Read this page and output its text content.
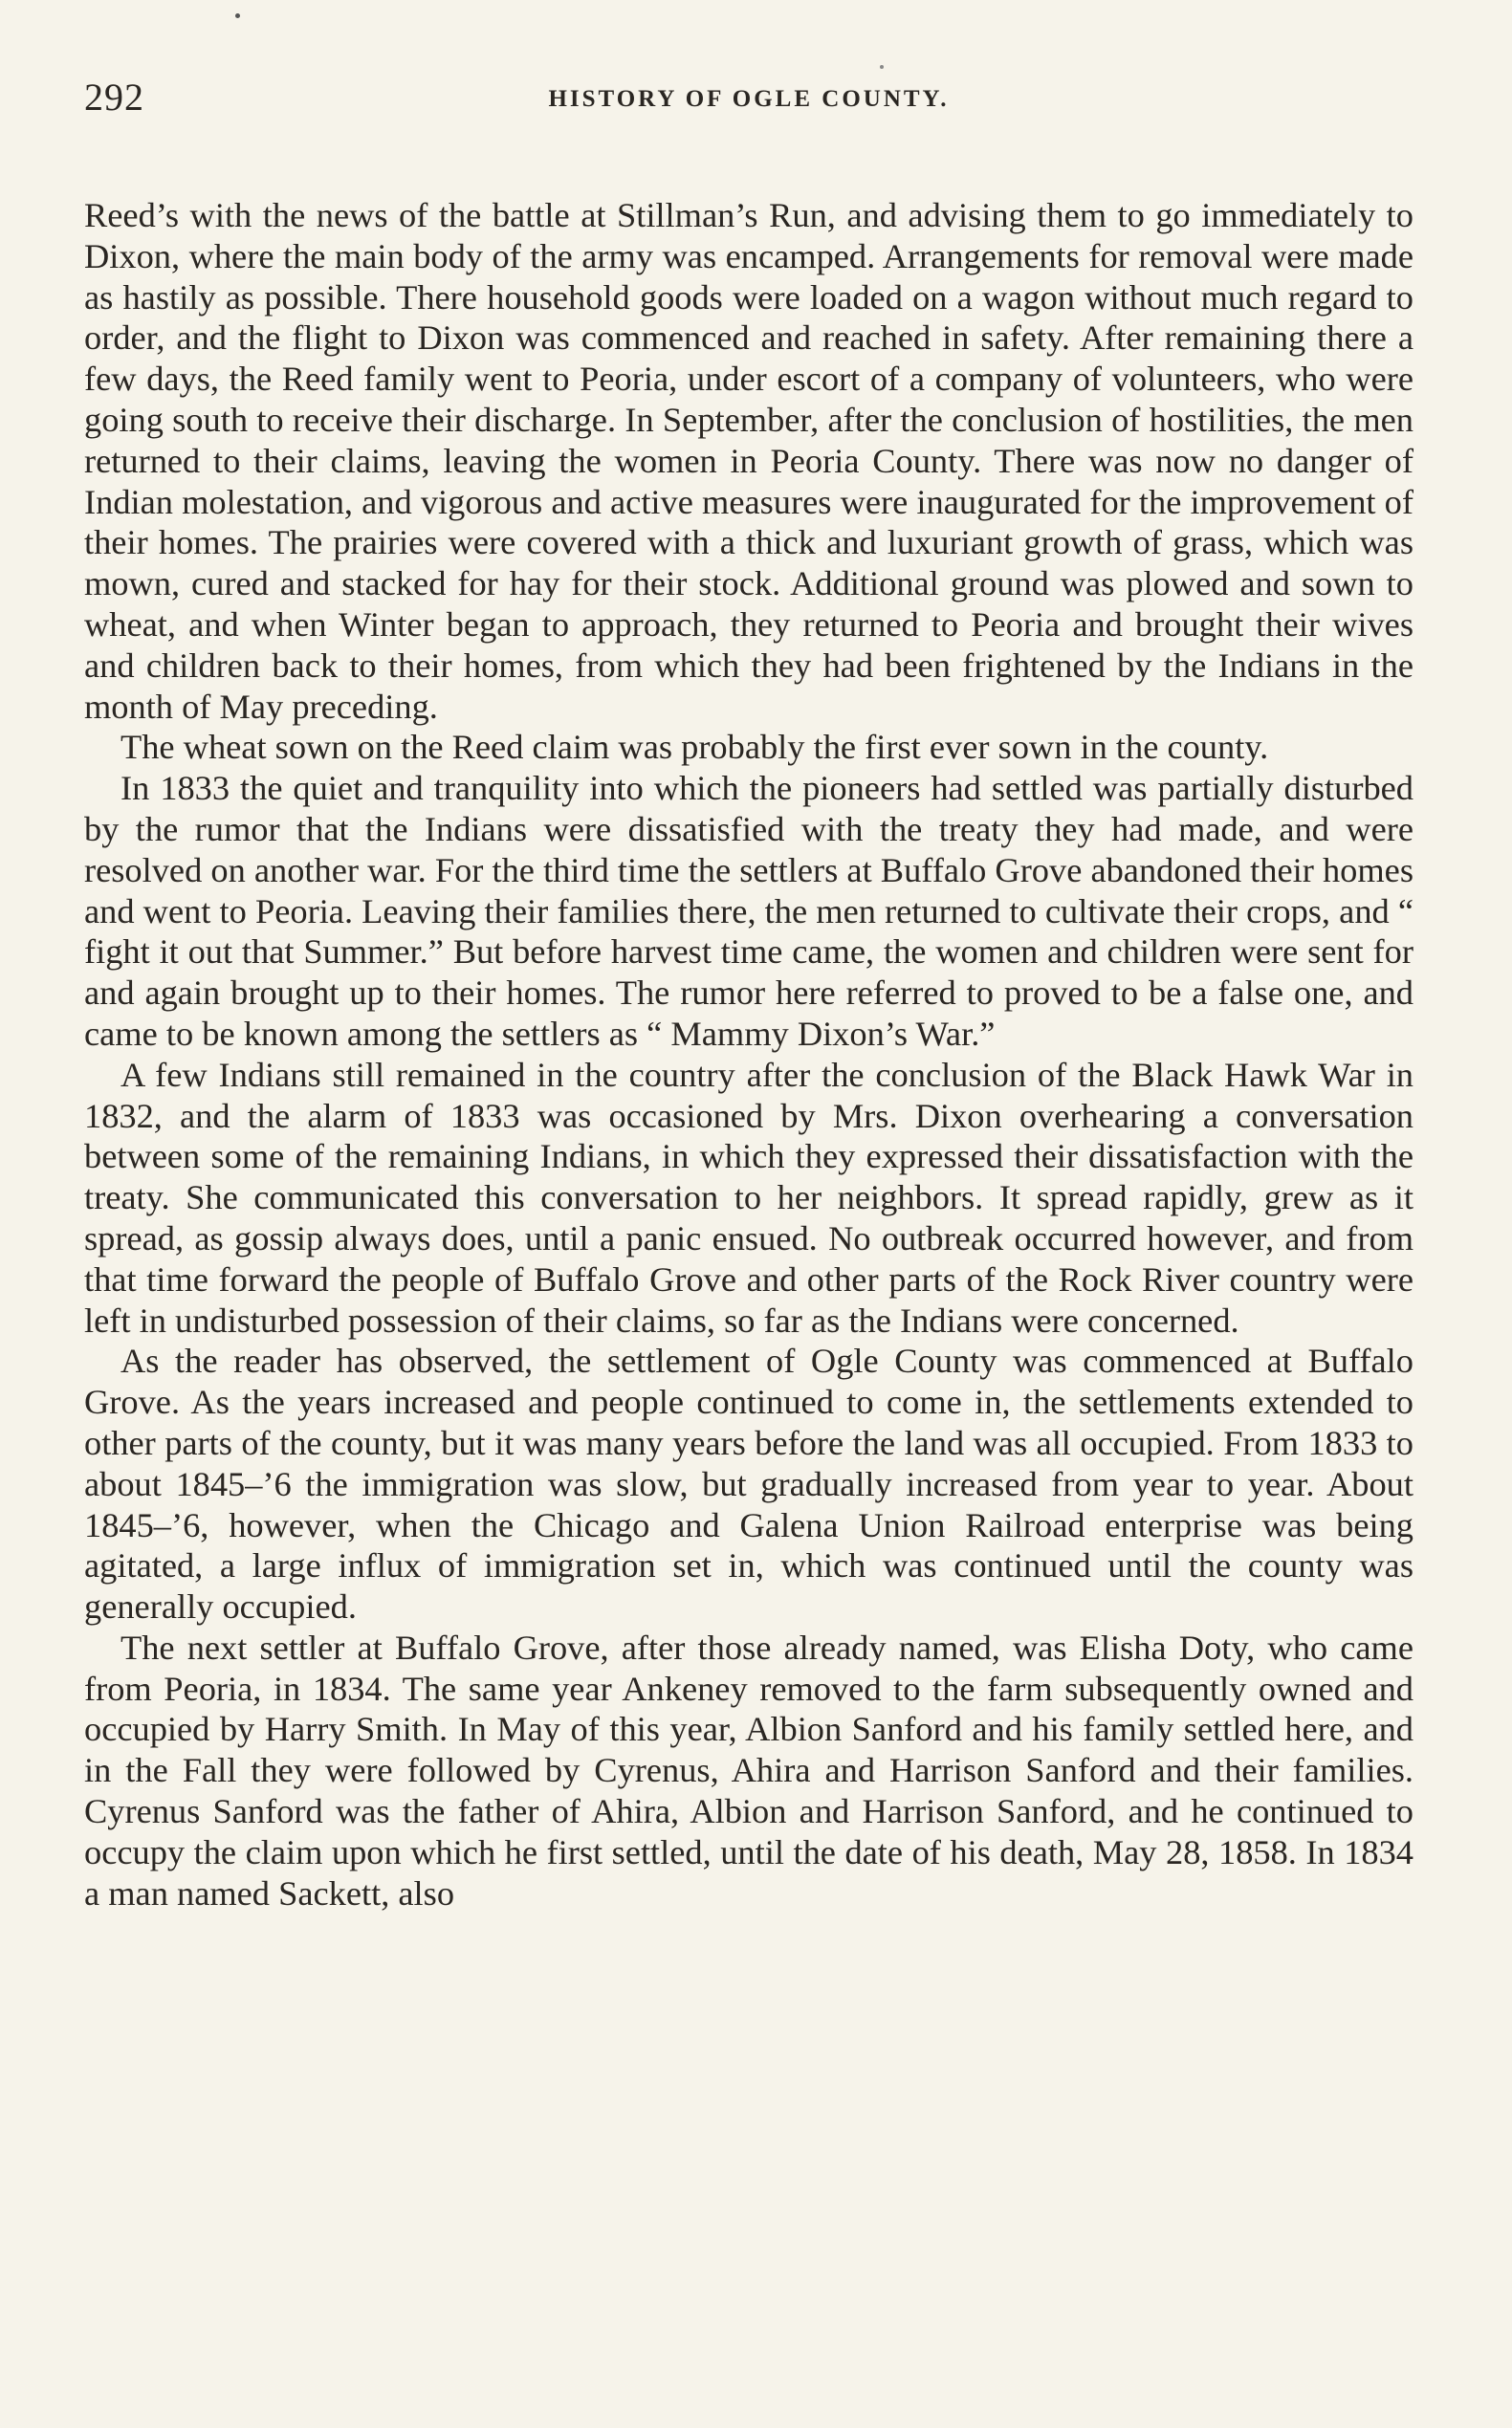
292	HISTORY OF OGLE COUNTY.

Reed’s with the news of the battle at Stillman’s Run, and advising them to go immediately to Dixon, where the main body of the army was encamped. Arrangements for removal were made as hastily as possible. There household goods were loaded on a wagon without much regard to order, and the flight to Dixon was commenced and reached in safety. After remaining there a few days, the Reed family went to Peoria, under escort of a company of volunteers, who were going south to receive their discharge. In September, after the conclusion of hostilities, the men returned to their claims, leaving the women in Peoria County. There was now no danger of Indian molestation, and vigorous and active measures were inaugurated for the improvement of their homes. The prairies were covered with a thick and luxuriant growth of grass, which was mown, cured and stacked for hay for their stock. Additional ground was plowed and sown to wheat, and when Winter began to approach, they returned to Peoria and brought their wives and children back to their homes, from which they had been frightened by the Indians in the month of May preceding.

The wheat sown on the Reed claim was probably the first ever sown in the county.

In 1833 the quiet and tranquility into which the pioneers had settled was partially disturbed by the rumor that the Indians were dissatisfied with the treaty they had made, and were resolved on another war. For the third time the settlers at Buffalo Grove abandoned their homes and went to Peoria. Leaving their families there, the men returned to cultivate their crops, and “ fight it out that Summer.” But before harvest time came, the women and children were sent for and again brought up to their homes. The rumor here referred to proved to be a false one, and came to be known among the settlers as “ Mammy Dixon’s War.”

A few Indians still remained in the country after the conclusion of the Black Hawk War in 1832, and the alarm of 1833 was occasioned by Mrs. Dixon overhearing a conversation between some of the remaining Indians, in which they expressed their dissatisfaction with the treaty. She communicated this conversation to her neighbors. It spread rapidly, grew as it spread, as gossip always does, until a panic ensued. No outbreak occurred however, and from that time forward the people of Buffalo Grove and other parts of the Rock River country were left in undisturbed possession of their claims, so far as the Indians were concerned.

As the reader has observed, the settlement of Ogle County was commenced at Buffalo Grove. As the years increased and people continued to come in, the settlements extended to other parts of the county, but it was many years before the land was all occupied. From 1833 to about 1845–’6 the immigration was slow, but gradually increased from year to year. About 1845–’6, however, when the Chicago and Galena Union Railroad enterprise was being agitated, a large influx of immigration set in, which was continued until the county was generally occupied.

The next settler at Buffalo Grove, after those already named, was Elisha Doty, who came from Peoria, in 1834. The same year Ankeney removed to the farm subsequently owned and occupied by Harry Smith. In May of this year, Albion Sanford and his family settled here, and in the Fall they were followed by Cyrenus, Ahira and Harrison Sanford and their families. Cyrenus Sanford was the father of Ahira, Albion and Harrison Sanford, and he continued to occupy the claim upon which he first settled, until the date of his death, May 28, 1858. In 1834 a man named Sackett, also
